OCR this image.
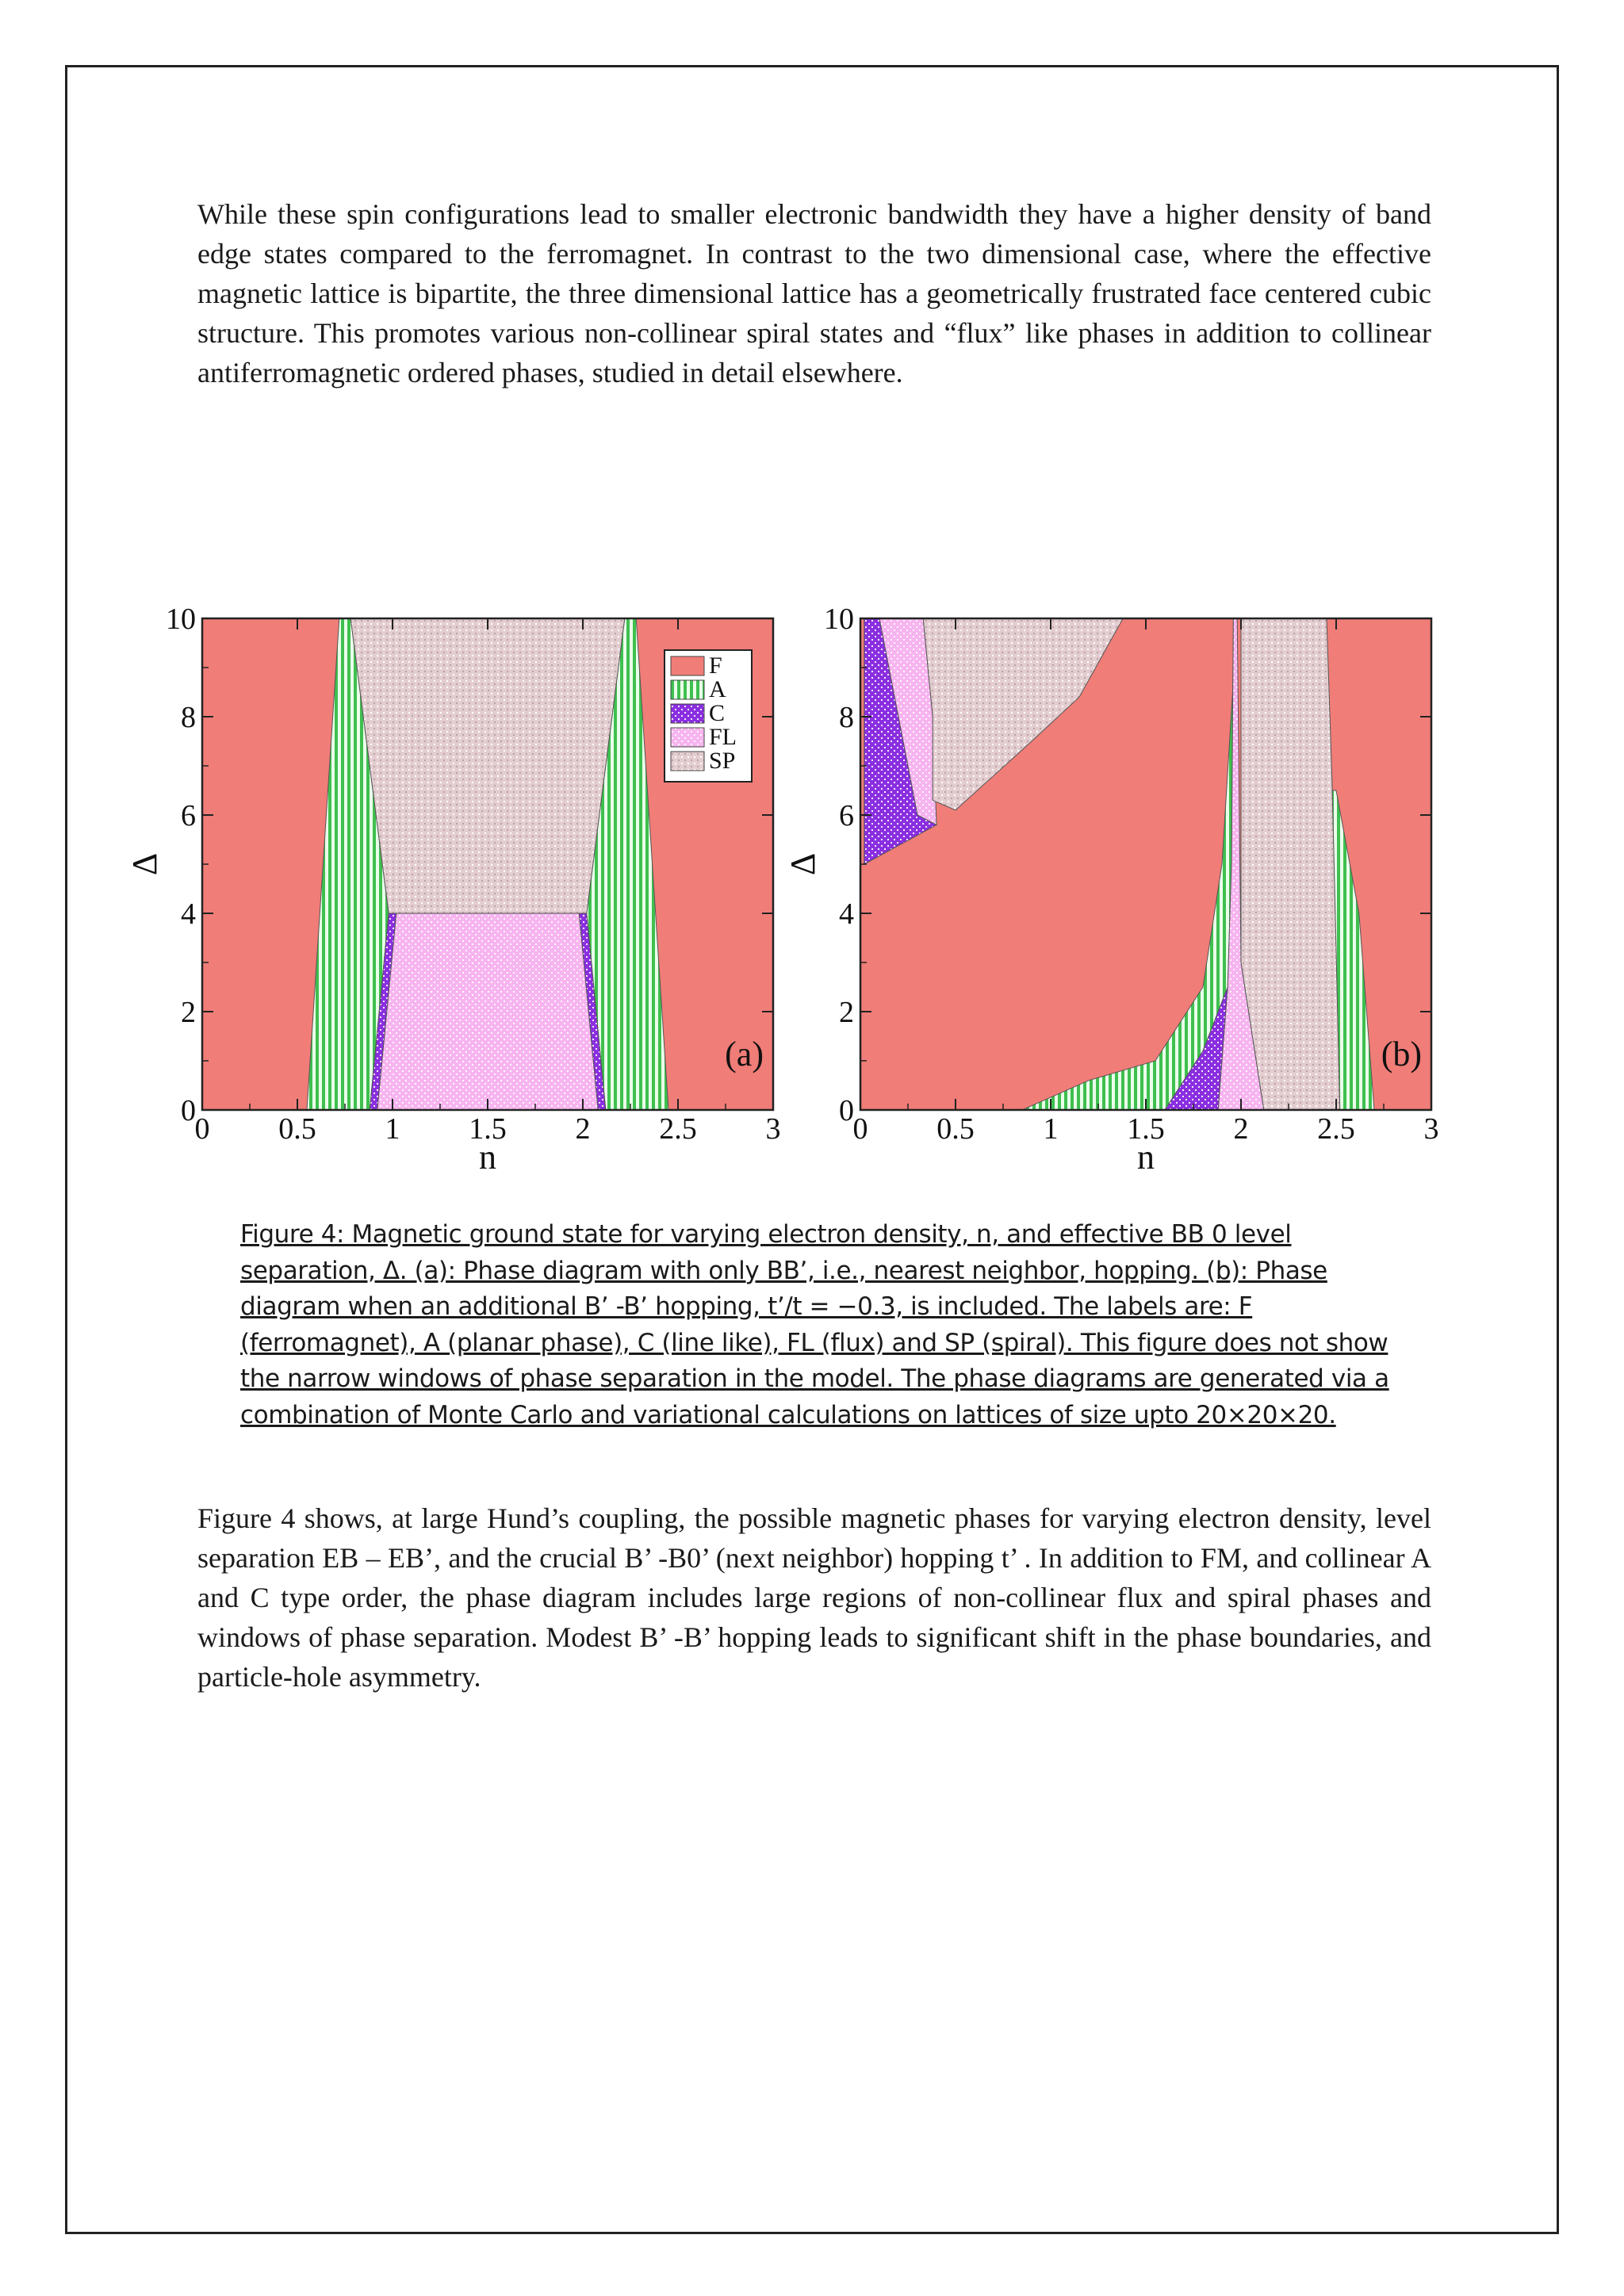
While these spin configurations lead to smaller electronic bandwidth they have a higher density of band edge states compared to the ferromagnet. In contrast to the two dimensional case, where the effective magnetic lattice is bipartite, the three dimensional lattice has a geometrically frustrated face centered cubic structure. This promotes various non-collinear spiral states and “flux” like phases in addition to collinear antiferromagnetic ordered phases, studied in detail elsewhere.

0 0.5 1 1.5 2 2.5 3
0
2
4
6
8
10
n
Δ
(a)
0 0.5 1 1.5 2 2.5 3
0
2
4
6
8
10
n
Δ
(b)
F
A
C
FL
SP

Figure 4: Magnetic ground state for varying electron density, n, and effective BB 0 level separation, Δ. (a): Phase diagram with only BB’, i.e., nearest neighbor, hopping. (b): Phase diagram when an additional B’ -B’ hopping, t’/t = −0.3, is included. The labels are: F (ferromagnet), A (planar phase), C (line like), FL (flux) and SP (spiral). This figure does not show the narrow windows of phase separation in the model. The phase diagrams are generated via a combination of Monte Carlo and variational calculations on lattices of size upto 20×20×20.

Figure 4 shows, at large Hund’s coupling, the possible magnetic phases for varying electron density, level separation EB – EB’, and the crucial B’ -B0’ (next neighbor) hopping t’ . In addition to FM, and collinear A and C type order, the phase diagram includes large regions of non-collinear flux and spiral phases and windows of phase separation. Modest B’ -B’ hopping leads to significant shift in the phase boundaries, and particle-hole asymmetry.
